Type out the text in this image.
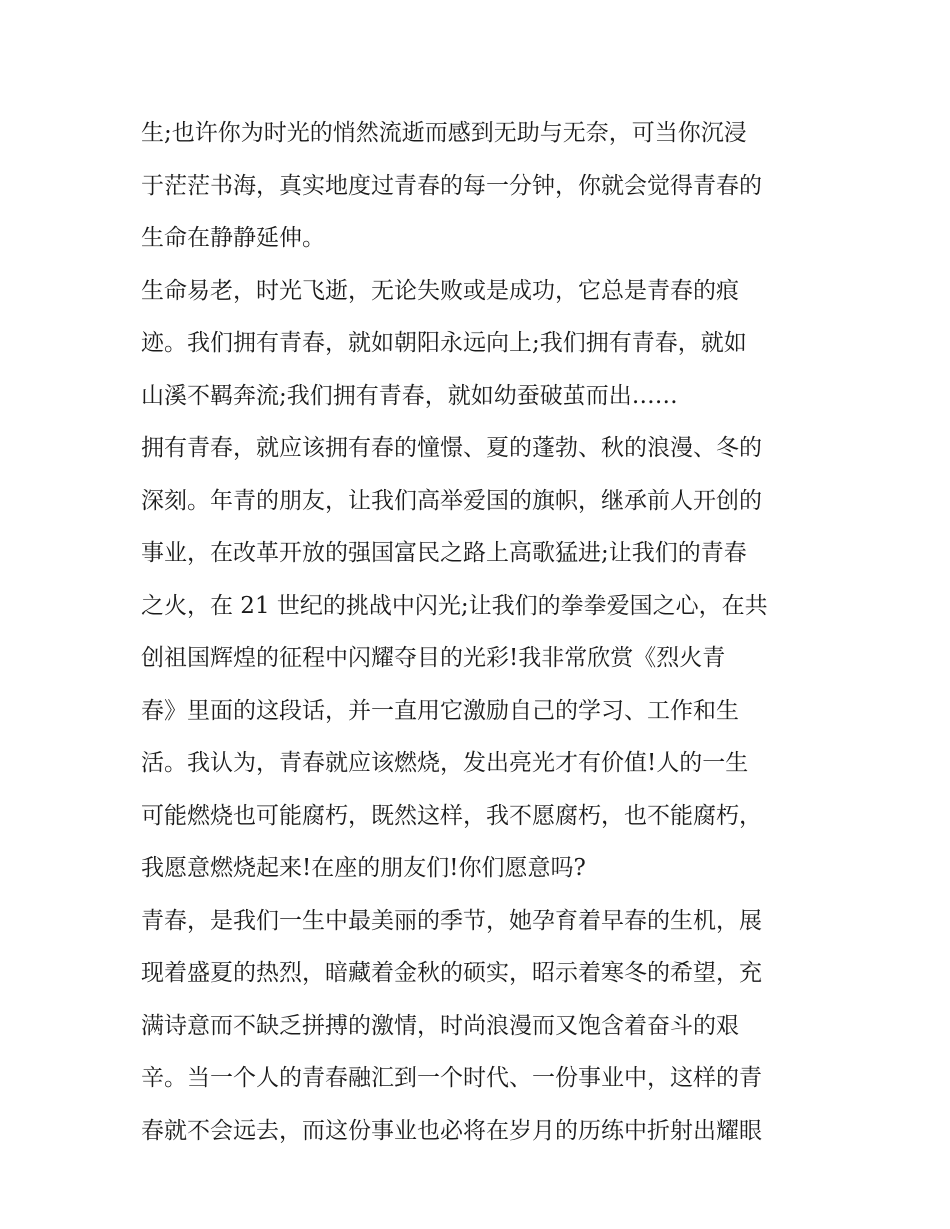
生;也许你为时光的悄然流逝而感到无助与无奈，可当你沉浸
于茫茫书海，真实地度过青春的每一分钟，你就会觉得青春的
生命在静静延伸。
生命易老，时光飞逝，无论失败或是成功，它总是青春的痕
迹。我们拥有青春，就如朝阳永远向上;我们拥有青春，就如
山溪不羁奔流;我们拥有青春，就如幼蚕破茧而出……
拥有青春，就应该拥有春的憧憬、夏的蓬勃、秋的浪漫、冬的
深刻。年青的朋友，让我们高举爱国的旗帜，继承前人开创的
事业，在改革开放的强国富民之路上高歌猛进;让我们的青春
之火，在 21 世纪的挑战中闪光;让我们的拳拳爱国之心，在共
创祖国辉煌的征程中闪耀夺目的光彩!我非常欣赏《烈火青
春》里面的这段话，并一直用它激励自己的学习、工作和生
活。我认为，青春就应该燃烧，发出亮光才有价值!人的一生
可能燃烧也可能腐朽，既然这样，我不愿腐朽，也不能腐朽，
我愿意燃烧起来!在座的朋友们!你们愿意吗?
青春，是我们一生中最美丽的季节，她孕育着早春的生机，展
现着盛夏的热烈，暗藏着金秋的硕实，昭示着寒冬的希望，充
满诗意而不缺乏拼搏的激情，时尚浪漫而又饱含着奋斗的艰
辛。当一个人的青春融汇到一个时代、一份事业中，这样的青
春就不会远去，而这份事业也必将在岁月的历练中折射出耀眼
